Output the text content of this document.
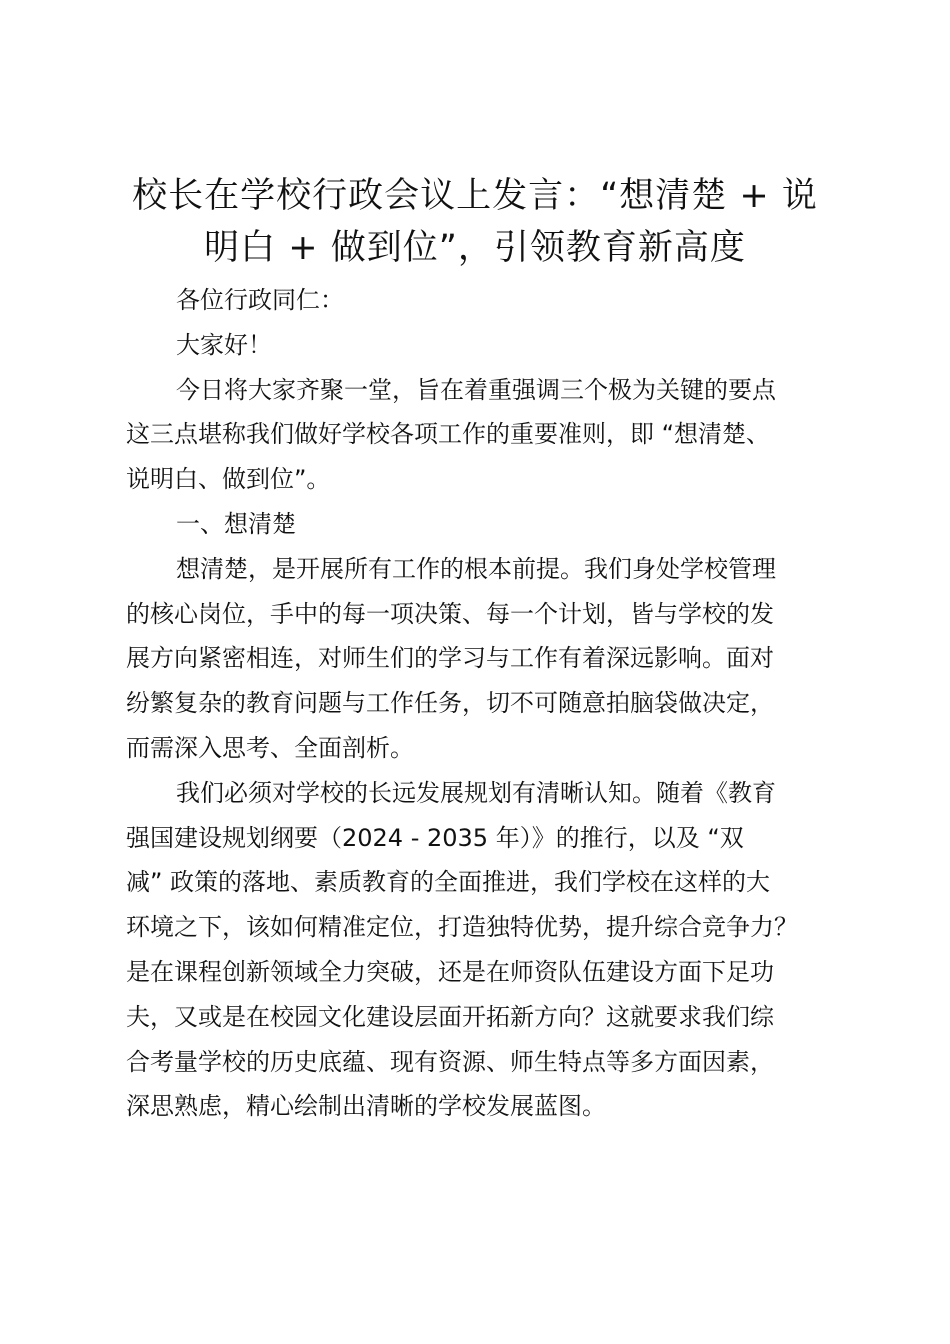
校长在学校行政会议上发言：“想清楚 + 说
明白 + 做到位”，引领教育新高度
各位行政同仁：
大家好！
今日将大家齐聚一堂，旨在着重强调三个极为关键的要点
这三点堪称我们做好学校各项工作的重要准则，即 “想清楚、
说明白、做到位”。
一、想清楚
想清楚，是开展所有工作的根本前提。我们身处学校管理
的核心岗位，手中的每一项决策、每一个计划，皆与学校的发
展方向紧密相连，对师生们的学习与工作有着深远影响。面对
纷繁复杂的教育问题与工作任务，切不可随意拍脑袋做决定，
而需深入思考、全面剖析。
我们必须对学校的长远发展规划有清晰认知。随着《教育
强国建设规划纲要（2024 - 2035 年）》的推行，以及 “双
减” 政策的落地、素质教育的全面推进，我们学校在这样的大
环境之下，该如何精准定位，打造独特优势，提升综合竞争力？
是在课程创新领域全力突破，还是在师资队伍建设方面下足功
夫，又或是在校园文化建设层面开拓新方向？这就要求我们综
合考量学校的历史底蕴、现有资源、师生特点等多方面因素，
深思熟虑，精心绘制出清晰的学校发展蓝图。
